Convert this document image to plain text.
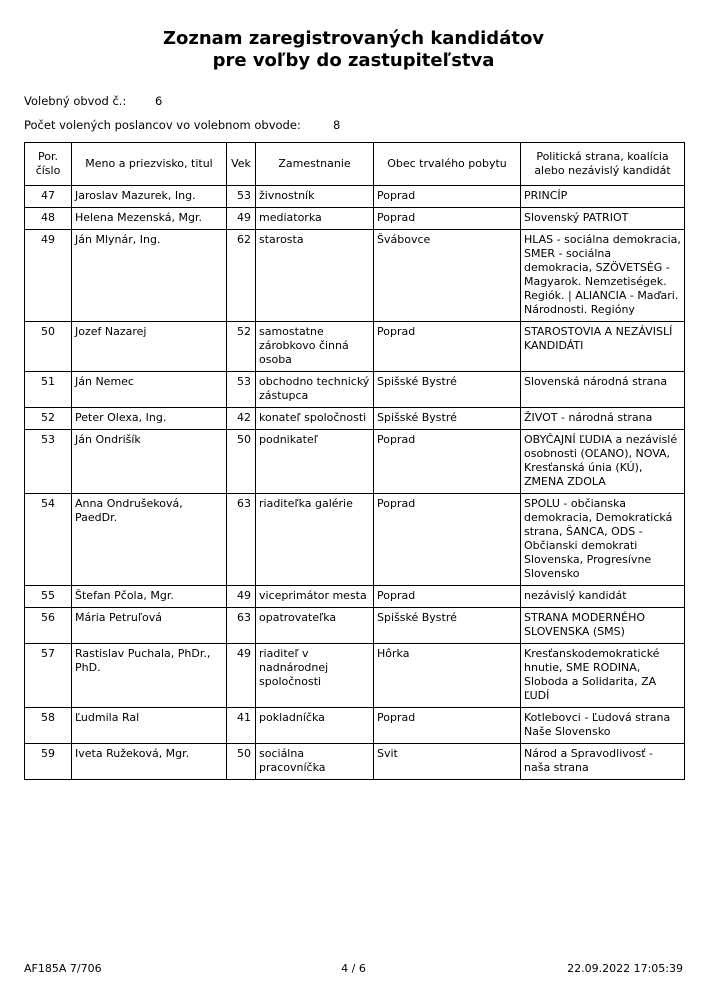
Zoznam zaregistrovaných kandidátov
pre voľby do zastupiteľstva
Volebný obvod č.: 6
Počet volených poslancov vo volebnom obvode:	8
Por. číslo	Meno a priezvisko, titul	Vek	Zamestnanie	Obec trvalého pobytu	Politická strana, koalícia alebo nezávislý kandidát
47	Jaroslav Mazurek, Ing.	53	živnostník	Poprad	PRINCÍP
48	Helena Mezenská, Mgr.	49	mediatorka	Poprad	Slovenský PATRIOT
49	Ján Mlynár, Ing.	62	starosta	Švábovce	HLAS - sociálna demokracia, SMER - sociálna demokracia, SZÖVETSÉG - Magyarok. Nemzetiségek. Regiók. | ALIANCIA - Maďari. Národnosti. Regióny
50	Jozef Nazarej	52	samostatne zárobkovo činná osoba	Poprad	STAROSTOVIA A NEZÁVISLÍ KANDIDÁTI
51	Ján Nemec	53	obchodno technický zástupca	Spišské Bystré	Slovenská národná strana
52	Peter Olexa, Ing.	42	konateľ spoločnosti	Spišské Bystré	ŽIVOT - národná strana
53	Ján Ondrišík	50	podnikateľ	Poprad	OBYČAJNÍ ĽUDIA a nezávislé osobnosti (OĽANO), NOVA, Kresťanská únia (KÚ), ZMENA ZDOLA
54	Anna Ondrušeková, PaedDr.	63	riaditeľka galérie	Poprad	SPOLU - občianska demokracia, Demokratická strana, ŠANCA, ODS - Občianski demokrati Slovenska, Progresívne Slovensko
55	Štefan Pčola, Mgr.	49	viceprimátor mesta	Poprad	nezávislý kandidát
56	Mária Petruľová	63	opatrovateľka	Spišské Bystré	STRANA MODERNÉHO SLOVENSKA (SMS)
57	Rastislav Puchala, PhDr., PhD.	49	riaditeľ v nadnárodnej spoločnosti	Hôrka	Kresťanskodemokratické hnutie, SME RODINA, Sloboda a Solidarita, ZA ĽUDÍ
58	Ľudmila Ral	41	pokladníčka	Poprad	Kotlebovci - Ľudová strana Naše Slovensko
59	Iveta Ružeková, Mgr.	50	sociálna pracovníčka	Svit	Národ a Spravodlivosť - naša strana
AF185A 7/706	4 / 6	22.09.2022 17:05:39
